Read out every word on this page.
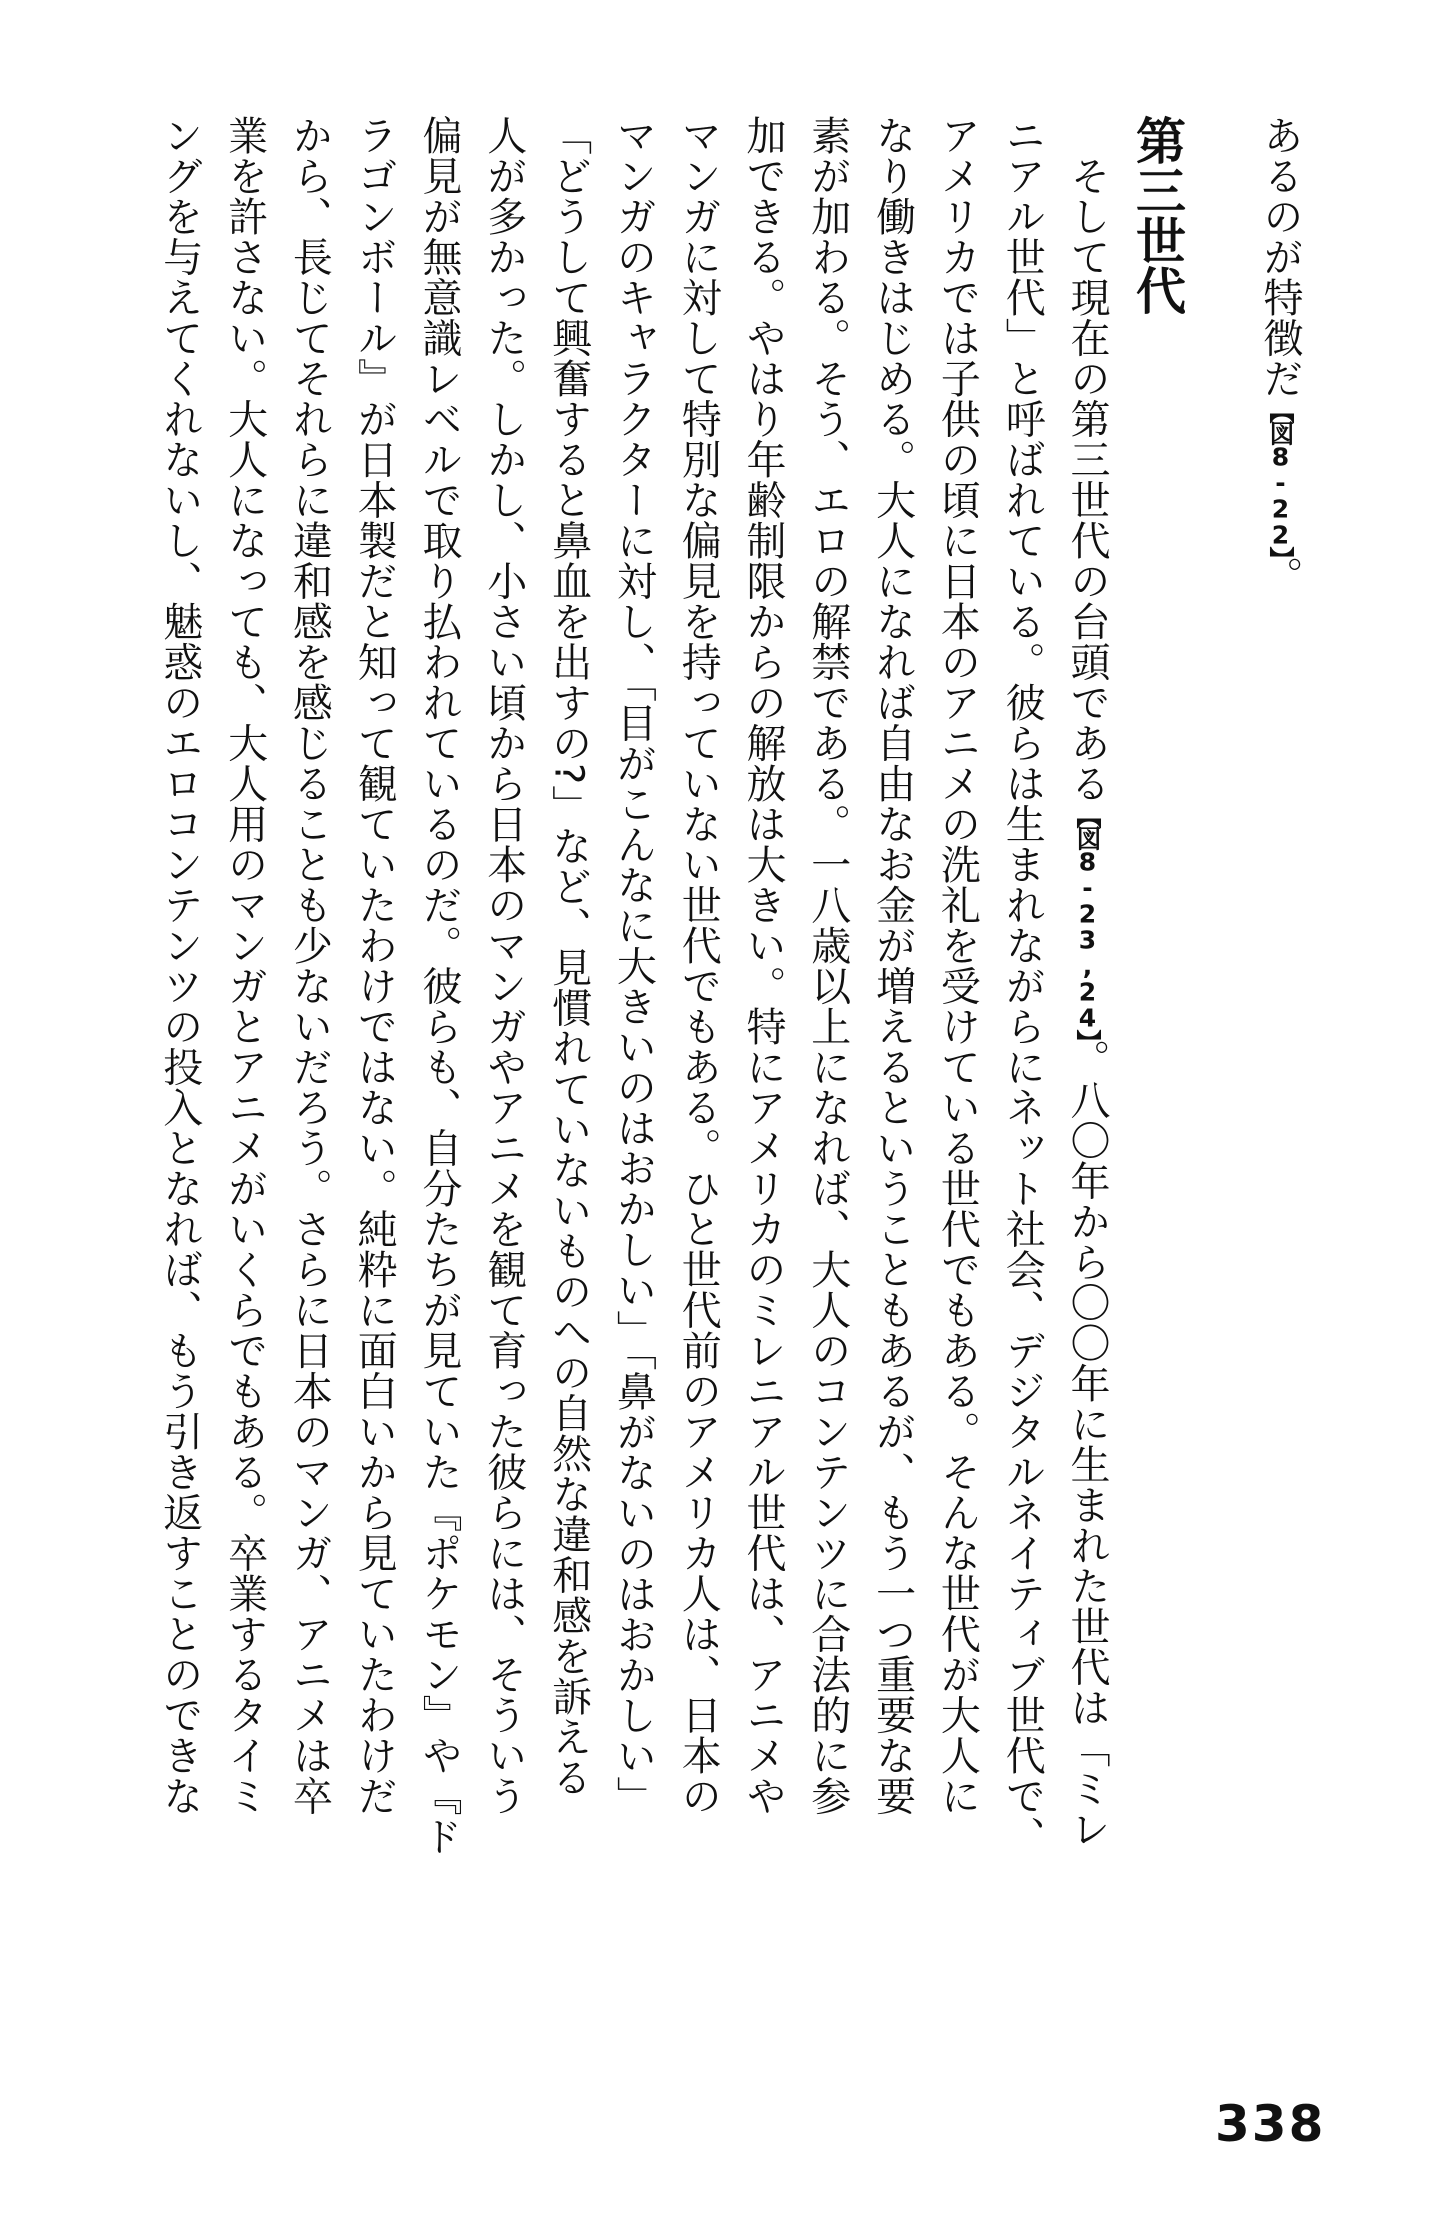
第三世代 あるのが特徴だ【図8-22】。
　そして現在の第三世代の台頭である【図8-23,24】。八〇年から〇〇年に生まれた世代は「ミレ
ニアル世代」と呼ばれている。彼らは生まれながらにネット社会、デジタルネイティブ世代で、
アメリカでは子供の頃に日本のアニメの洗礼を受けている世代でもある。そんな世代が大人に
なり働きはじめる。大人になれば自由なお金が増えるということもあるが、もう一つ重要な要
素が加わる。そう、エロの解禁である。一八歳以上になれば、大人のコンテンツに合法的に参
加できる。やはり年齢制限からの解放は大きい。特にアメリカのミレニアル世代は、アニメや
マンガに対して特別な偏見を持っていない世代でもある。ひと世代前のアメリカ人は、日本の
マンガのキャラクターに対し、「目がこんなに大きいのはおかしい」「鼻がないのはおかしい」
「どうして興奮すると鼻血を出すの?」など、見慣れていないものへの自然な違和感を訴える
人が多かった。しかし、小さい頃から日本のマンガやアニメを観て育った彼らには、そういう
偏見が無意識レベルで取り払われているのだ。彼らも、自分たちが見ていた『ポケモン』や『ド
ラゴンボール』が日本製だと知って観ていたわけではない。純粋に面白いから見ていたわけだ
から、長じてそれらに違和感を感じることも少ないだろう。さらに日本のマンガ、アニメは卒
業を許さない。大人になっても、大人用のマンガとアニメがいくらでもある。卒業するタイミ
ングを与えてくれないし、魅惑のエロコンテンツの投入となれば、もう引き返すことのできな
338
